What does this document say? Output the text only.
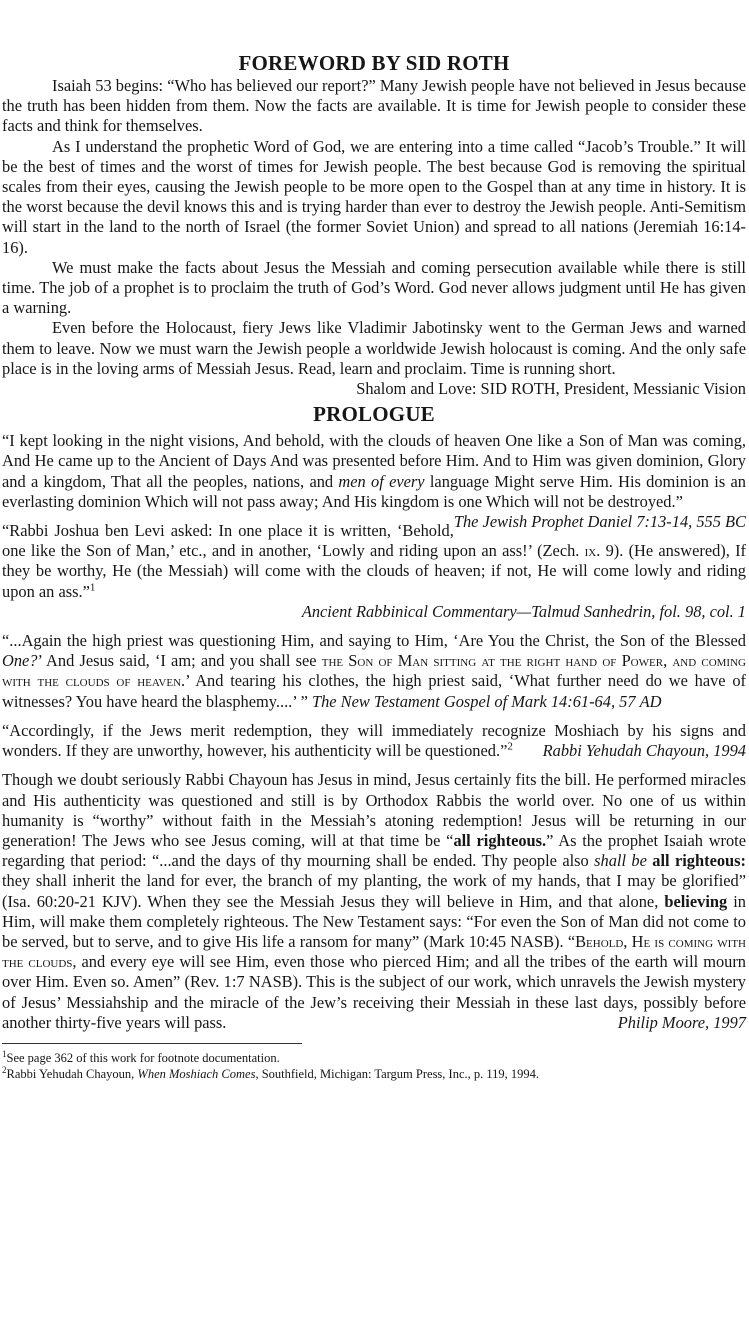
FOREWORD BY SID ROTH

Isaiah 53 begins: “Who has believed our report?” Many Jewish people have not believed in Jesus because the truth has been hidden from them. Now the facts are available. It is time for Jewish people to consider these facts and think for themselves.

As I understand the prophetic Word of God, we are entering into a time called “Jacob’s Trouble.” It will be the best of times and the worst of times for Jewish people. The best because God is removing the spiritual scales from their eyes, causing the Jewish people to be more open to the Gospel than at any time in history. It is the worst because the devil knows this and is trying harder than ever to destroy the Jewish people. Anti-Semitism will start in the land to the north of Israel (the former Soviet Union) and spread to all nations (Jeremiah 16:14-16).

We must make the facts about Jesus the Messiah and coming persecution available while there is still time. The job of a prophet is to proclaim the truth of God’s Word. God never allows judgment until He has given a warning.

Even before the Holocaust, fiery Jews like Vladimir Jabotinsky went to the German Jews and warned them to leave. Now we must warn the Jewish people a worldwide Jewish holocaust is coming. And the only safe place is in the loving arms of Messiah Jesus. Read, learn and proclaim. Time is running short.

Shalom and Love: SID ROTH, President, Messianic Vision
PROLOGUE

“I kept looking in the night visions, And behold, with the clouds of heaven One like a Son of Man was coming, And He came up to the Ancient of Days And was presented before Him. And to Him was given dominion, Glory and a kingdom, That all the peoples, nations, and men of every language Might serve Him. His dominion is an everlasting dominion Which will not pass away; And His kingdom is one Which will not be destroyed.”
The Jewish Prophet Daniel 7:13-14, 555 BC

“Rabbi Joshua ben Levi asked: In one place it is written, ‘Behold, one like the Son of Man,’ etc., and in another, ‘Lowly and riding upon an ass!’ (Zech. ix. 9). (He answered), If they be worthy, He (the Messiah) will come with the clouds of heaven; if not, He will come lowly and riding upon an ass.”$^1$

Ancient Rabbinical Commentary—Talmud Sanhedrin, fol. 98, col. 1

“...Again the high priest was questioning Him, and saying to Him, ‘Are You the Christ, the Son of the Blessed One?’ And Jesus said, ‘I am; and you shall see the Son of Man sitting at the right hand of Power, and coming with the clouds of heaven.’ And tearing his clothes, the high priest said, ‘What further need do we have of witnesses? You have heard the blasphemy....’ ” The New Testament Gospel of Mark 14:61-64, 57 AD

“Accordingly, if the Jews merit redemption, they will immediately recognize Moshiach by his signs and wonders. If they are unworthy, however, his authenticity will be questioned.”$^2$ Rabbi Yehudah Chayoun, 1994

Though we doubt seriously Rabbi Chayoun has Jesus in mind, Jesus certainly fits the bill. He performed miracles and His authenticity was questioned and still is by Orthodox Rabbis the world over. No one of us within humanity is “worthy” without faith in the Messiah’s atoning redemption! Jesus will be returning in our generation! The Jews who see Jesus coming, will at that time be “all righteous.” As the prophet Isaiah wrote regarding that period: “...and the days of thy mourning shall be ended. Thy people also shall be all righteous: they shall inherit the land for ever, the branch of my planting, the work of my hands, that I may be glorified” (Isa. 60:20-21 KJV). When they see the Messiah Jesus they will believe in Him, and that alone, believing in Him, will make them completely righteous. The New Testament says: “For even the Son of Man did not come to be served, but to serve, and to give His life a ransom for many” (Mark 10:45 NASB). “Behold, He is coming with the clouds, and every eye will see Him, even those who pierced Him; and all the tribes of the earth will mourn over Him. Even so. Amen” (Rev. 1:7 NASB). This is the subject of our work, which unravels the Jewish mystery of Jesus’ Messiahship and the miracle of the Jew’s receiving their Messiah in these last days, possibly before another thirty-five years will pass.	Philip Moore, 1997

$^1$See page 362 of this work for footnote documentation.

$^2$Rabbi Yehudah Chayoun, When Moshiach Comes, Southfield, Michigan: Targum Press, Inc., p. 119, 1994.
